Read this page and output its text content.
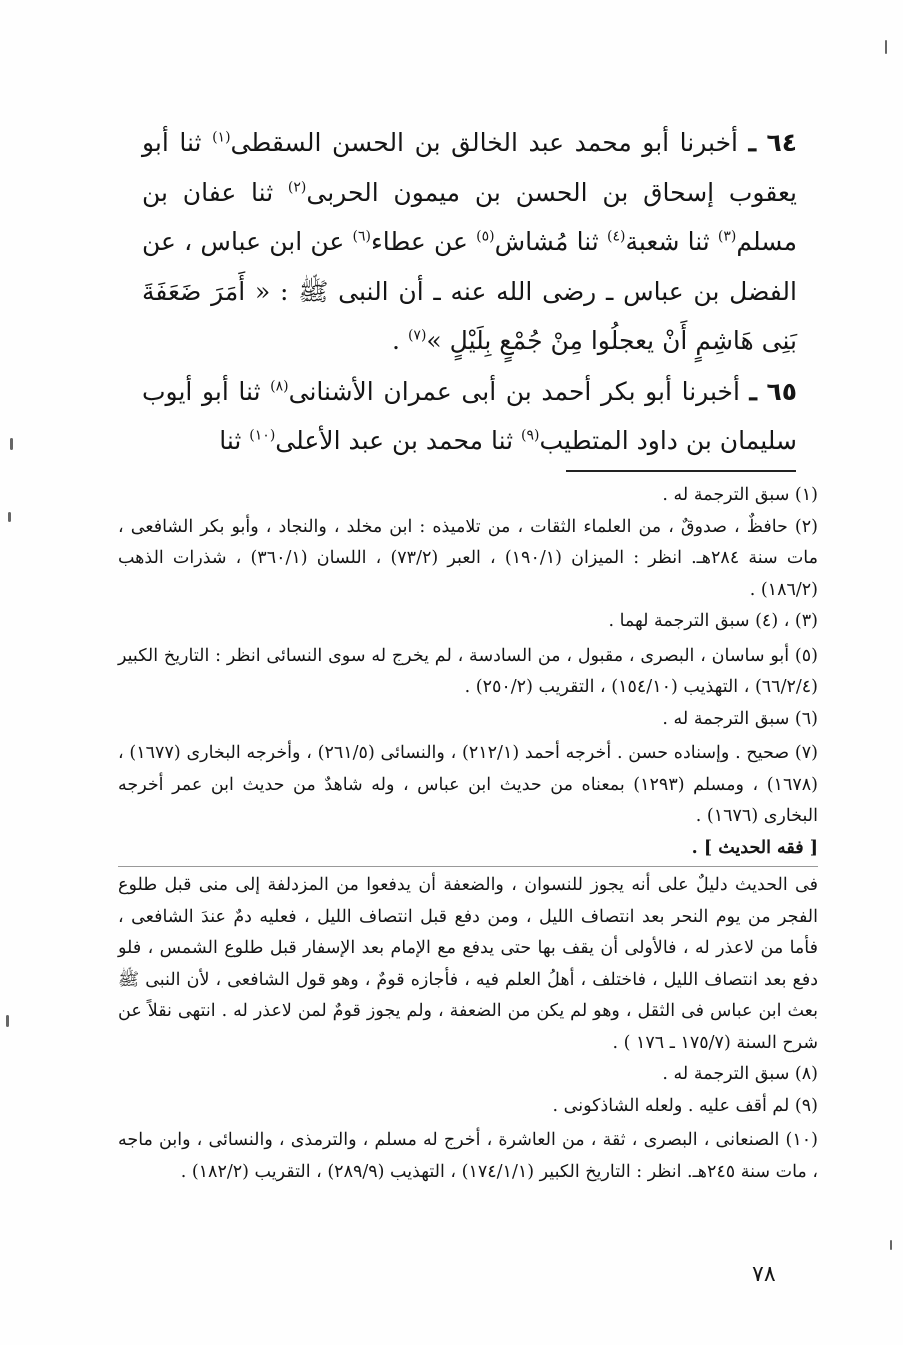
٦٤ ـ أخبرنا أبو محمد عبد الخالق بن الحسن السقطى$^{(١)}$ ثنا أبو يعقوب إسحاق بن الحسن بن ميمون الحربى$^{(٢)}$ ثنا عفان بن مسلم$^{(٣)}$ ثنا شعبة$^{(٤)}$ ثنا مُشاش$^{(٥)}$ عن عطاء$^{(٦)}$ عن ابن عباس ، عن الفضل بن عباس ـ رضى الله عنه ـ أن النبى ﷺ : « أَمَرَ ضَعَفَةَ بَنِى هَاشِمٍ أَنْ يعجلُوا مِنْ جُمْعٍ بِلَيْلٍ »$^{(٧)}$ .

٦٥ ـ أخبرنا أبو بكر أحمد بن أبى عمران الأشنانى$^{(٨)}$ ثنا أبو أيوب سليمان بن داود المتطيب$^{(٩)}$ ثنا محمد بن عبد الأعلى$^{(١٠)}$ ثنا

(١) سبق الترجمة له .

(٢) حافظٌ ، صدوقٌ ، من العلماء الثقات ، من تلاميذه : ابن مخلد ، والنجاد ، وأبو بكر الشافعى ، مات سنة ٢٨٤هـ. انظر : الميزان (١٩٠/١) ، العبر (٧٣/٢) ، اللسان (٣٦٠/١) ، شذرات الذهب (١٨٦/٢) .

(٣) ، (٤) سبق الترجمة لهما .

(٥) أبو ساسان ، البصرى ، مقبول ، من السادسة ، لم يخرج له سوى النسائى انظر : التاريخ الكبير (٦٦/٢/٤) ، التهذيب (١٥٤/١٠) ، التقريب (٢٥٠/٢) .

(٦) سبق الترجمة له .

(٧) صحيح . وإسناده حسن . أخرجه أحمد (٢١٢/١) ، والنسائى (٢٦١/٥) ، وأخرجه البخارى (١٦٧٧) ، (١٦٧٨) ، ومسلم (١٢٩٣) بمعناه من حديث ابن عباس ، وله شاهدٌ من حديث ابن عمر أخرجه البخارى (١٦٧٦) .

[ فقه الحديث ] .

فى الحديث دليلٌ على أنه يجوز للنسوان ، والضعفة أن يدفعوا من المزدلفة إلى منى قبل طلوع الفجر من يوم النحر بعد انتصاف الليل ، ومن دفع قبل انتصاف الليل ، فعليه دمٌ عندَ الشافعى ، فأما من لاعذر له ، فالأولى أن يقف بها حتى يدفع مع الإمام بعد الإسفار قبل طلوع الشمس ، فلو دفع بعد انتصاف الليل ، فاختلف ، أهلُ العلم فيه ، فأجازه قومٌ ، وهو قول الشافعى ، لأن النبى ﷺ بعث ابن عباس فى الثقل ، وهو لم يكن من الضعفة ، ولم يجوز قومٌ لمن لاعذر له . انتهى نقلاً عن شرح السنة (١٧٥/٧ ـ ١٧٦ ) .

(٨) سبق الترجمة له .

(٩) لم أقف عليه . ولعله الشاذكونى .

(١٠) الصنعانى ، البصرى ، ثقة ، من العاشرة ، أخرج له مسلم ، والترمذى ، والنسائى ، وابن ماجه ، مات سنة ٢٤٥هـ. انظر : التاريخ الكبير (١٧٤/١/١) ، التهذيب (٢٨٩/٩) ، التقريب (١٨٢/٢) .

٧٨
